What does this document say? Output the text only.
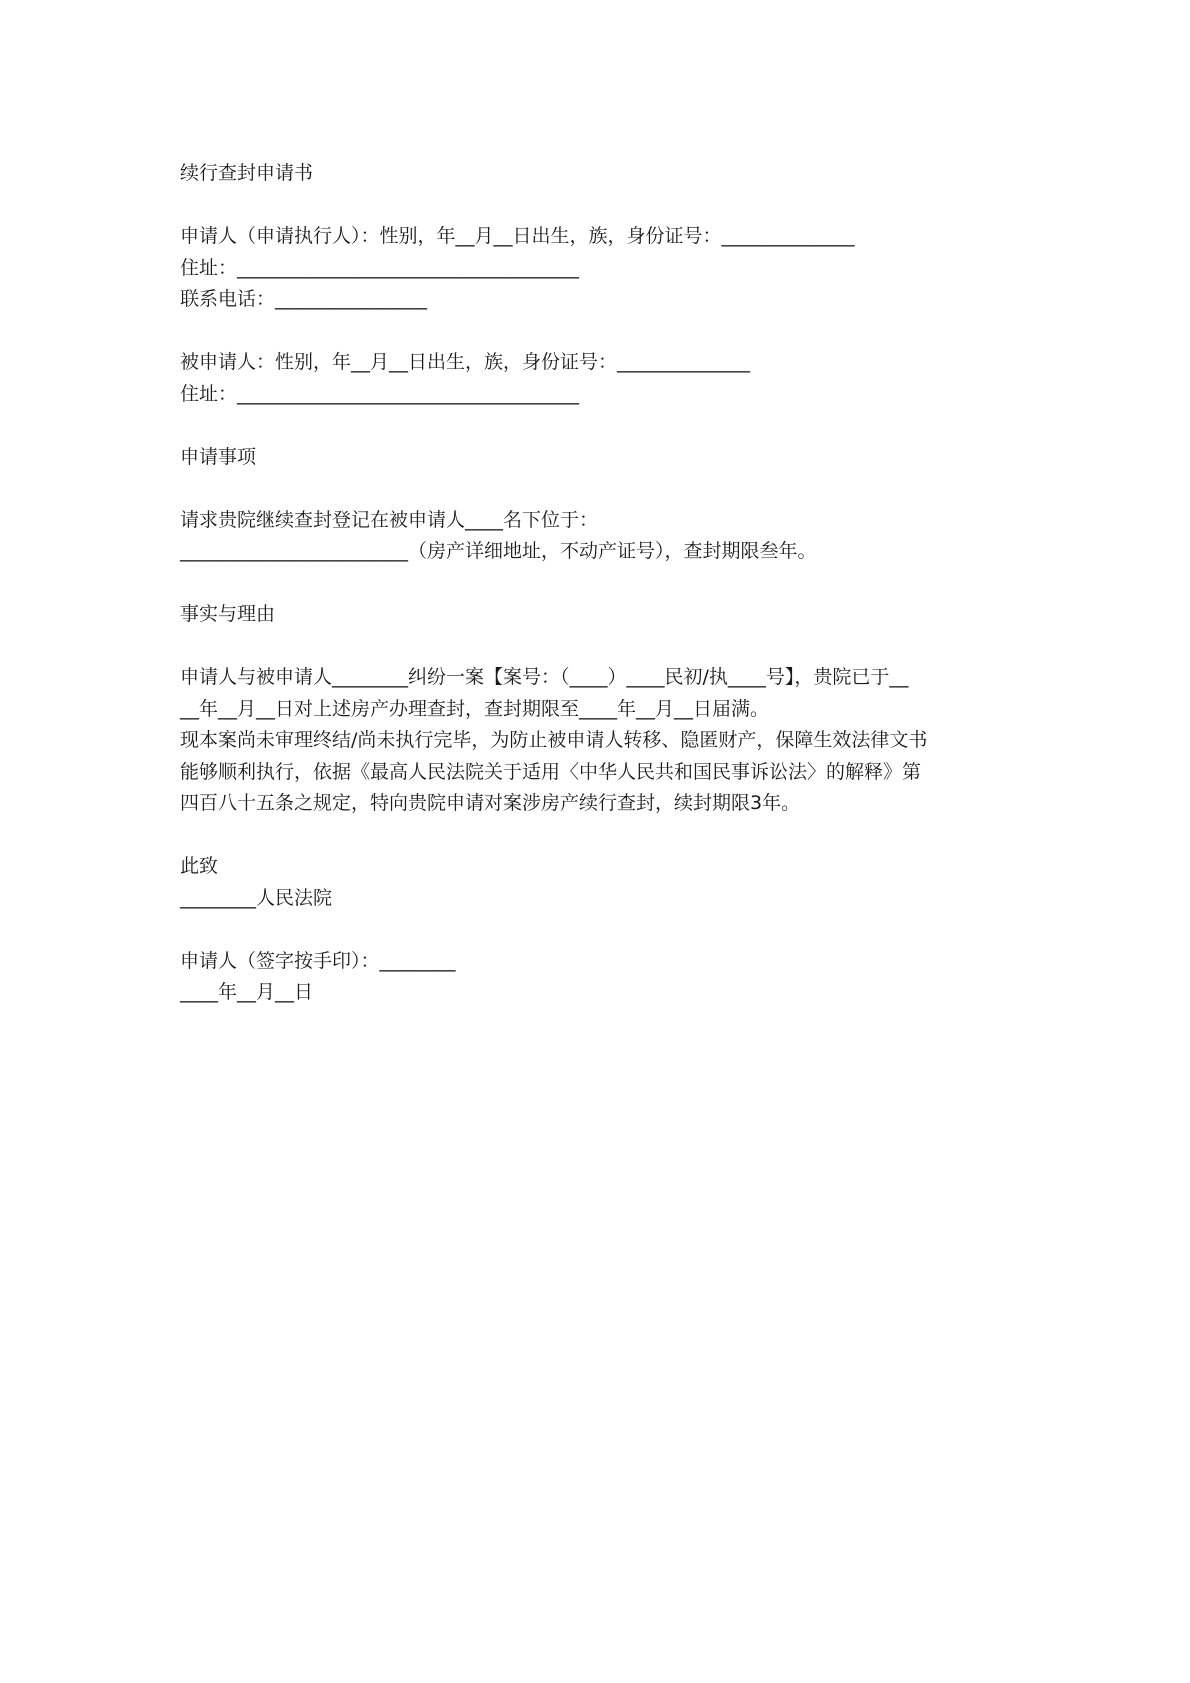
续行查封申请书
申请人（申请执行人）：性别，年__月__日出生，族，身份证号：______________
住址：____________________________________
联系电话：________________
被申请人：性别，年__月__日出生，族，身份证号：______________
住址：____________________________________
申请事项
请求贵院继续查封登记在被申请人____名下位于：
________________________（房产详细地址，不动产证号），查封期限叁年。
事实与理由
申请人与被申请人________纠纷一案【案号：（____）____民初/执____号】，贵院已于__
__年__月__日对上述房产办理查封，查封期限至____年__月__日届满。
现本案尚未审理终结/尚未执行完毕，为防止被申请人转移、隐匿财产，保障生效法律文书
能够顺利执行，依据《最高人民法院关于适用〈中华人民共和国民事诉讼法〉的解释》第
四百八十五条之规定，特向贵院申请对案涉房产续行查封，续封期限3年。
此致
________人民法院
申请人（签字按手印）：________
____年__月__日
